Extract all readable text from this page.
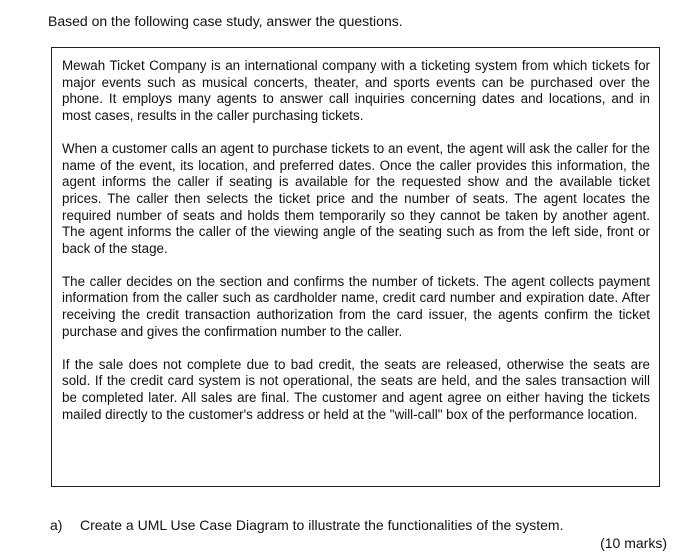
Based on the following case study, answer the questions.

Mewah Ticket Company is an international company with a ticketing system from which tickets for major events such as musical concerts, theater, and sports events can be purchased over the phone. It employs many agents to answer call inquiries concerning dates and locations, and in most cases, results in the caller purchasing tickets.

When a customer calls an agent to purchase tickets to an event, the agent will ask the caller for the name of the event, its location, and preferred dates. Once the caller provides this information, the agent informs the caller if seating is available for the requested show and the available ticket prices. The caller then selects the ticket price and the number of seats. The agent locates the required number of seats and holds them temporarily so they cannot be taken by another agent. The agent informs the caller of the viewing angle of the seating such as from the left side, front or back of the stage.

The caller decides on the section and confirms the number of tickets. The agent collects payment information from the caller such as cardholder name, credit card number and expiration date. After receiving the credit transaction authorization from the card issuer, the agents confirm the ticket purchase and gives the confirmation number to the caller.

If the sale does not complete due to bad credit, the seats are released, otherwise the seats are sold. If the credit card system is not operational, the seats are held, and the sales transaction will be completed later. All sales are final. The customer and agent agree on either having the tickets mailed directly to the customer's address or held at the "will-call" box of the performance location.

a) Create a UML Use Case Diagram to illustrate the functionalities of the system.
(10 marks)
